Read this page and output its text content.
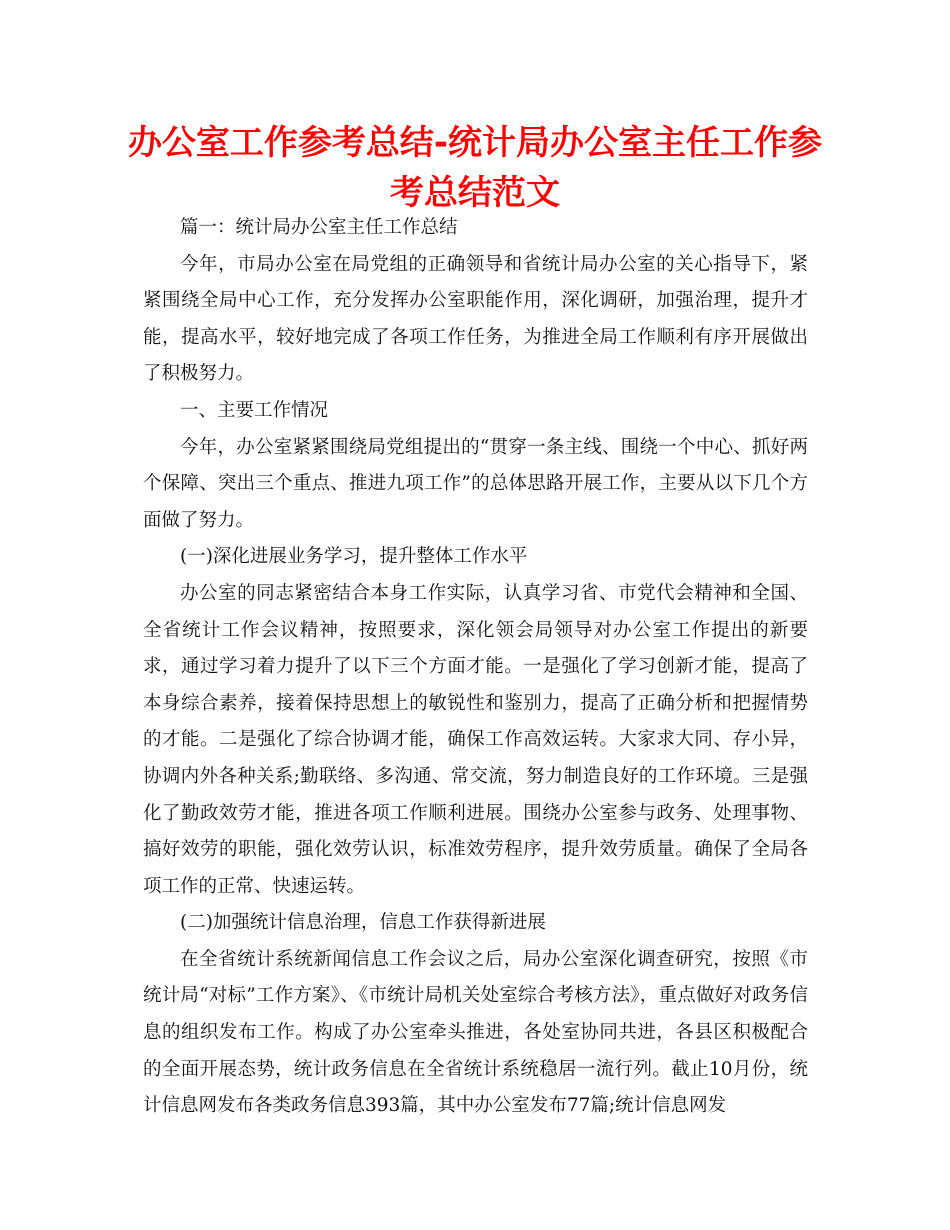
办公室工作参考总结-统计局办公室主任工作参考总结范文

篇一：统计局办公室主任工作总结

今年，市局办公室在局党组的正确领导和省统计局办公室的关心指导下，紧紧围绕全局中心工作，充分发挥办公室职能作用，深化调研，加强治理，提升才能，提高水平，较好地完成了各项工作任务，为推进全局工作顺利有序开展做出了积极努力。

一、主要工作情况

今年，办公室紧紧围绕局党组提出的“贯穿一条主线、围绕一个中心、抓好两个保障、突出三个重点、推进九项工作”的总体思路开展工作，主要从以下几个方面做了努力。

(一)深化进展业务学习，提升整体工作水平

办公室的同志紧密结合本身工作实际，认真学习省、市党代会精神和全国、全省统计工作会议精神，按照要求，深化领会局领导对办公室工作提出的新要求，通过学习着力提升了以下三个方面才能。一是强化了学习创新才能，提高了本身综合素养，接着保持思想上的敏锐性和鉴别力，提高了正确分析和把握情势的才能。二是强化了综合协调才能，确保工作高效运转。大家求大同、存小异，协调内外各种关系;勤联络、多沟通、常交流，努力制造良好的工作环境。三是强化了勤政效劳才能，推进各项工作顺利进展。围绕办公室参与政务、处理事物、搞好效劳的职能，强化效劳认识，标准效劳程序，提升效劳质量。确保了全局各项工作的正常、快速运转。

(二)加强统计信息治理，信息工作获得新进展

在全省统计系统新闻信息工作会议之后，局办公室深化调查研究，按照《市统计局“对标”工作方案》、《市统计局机关处室综合考核方法》，重点做好对政务信息的组织发布工作。构成了办公室牵头推进，各处室协同共进，各县区积极配合的全面开展态势，统计政务信息在全省统计系统稳居一流行列。截止10月份，统计信息网发布各类政务信息393篇，其中办公室发布77篇;统计信息网发
